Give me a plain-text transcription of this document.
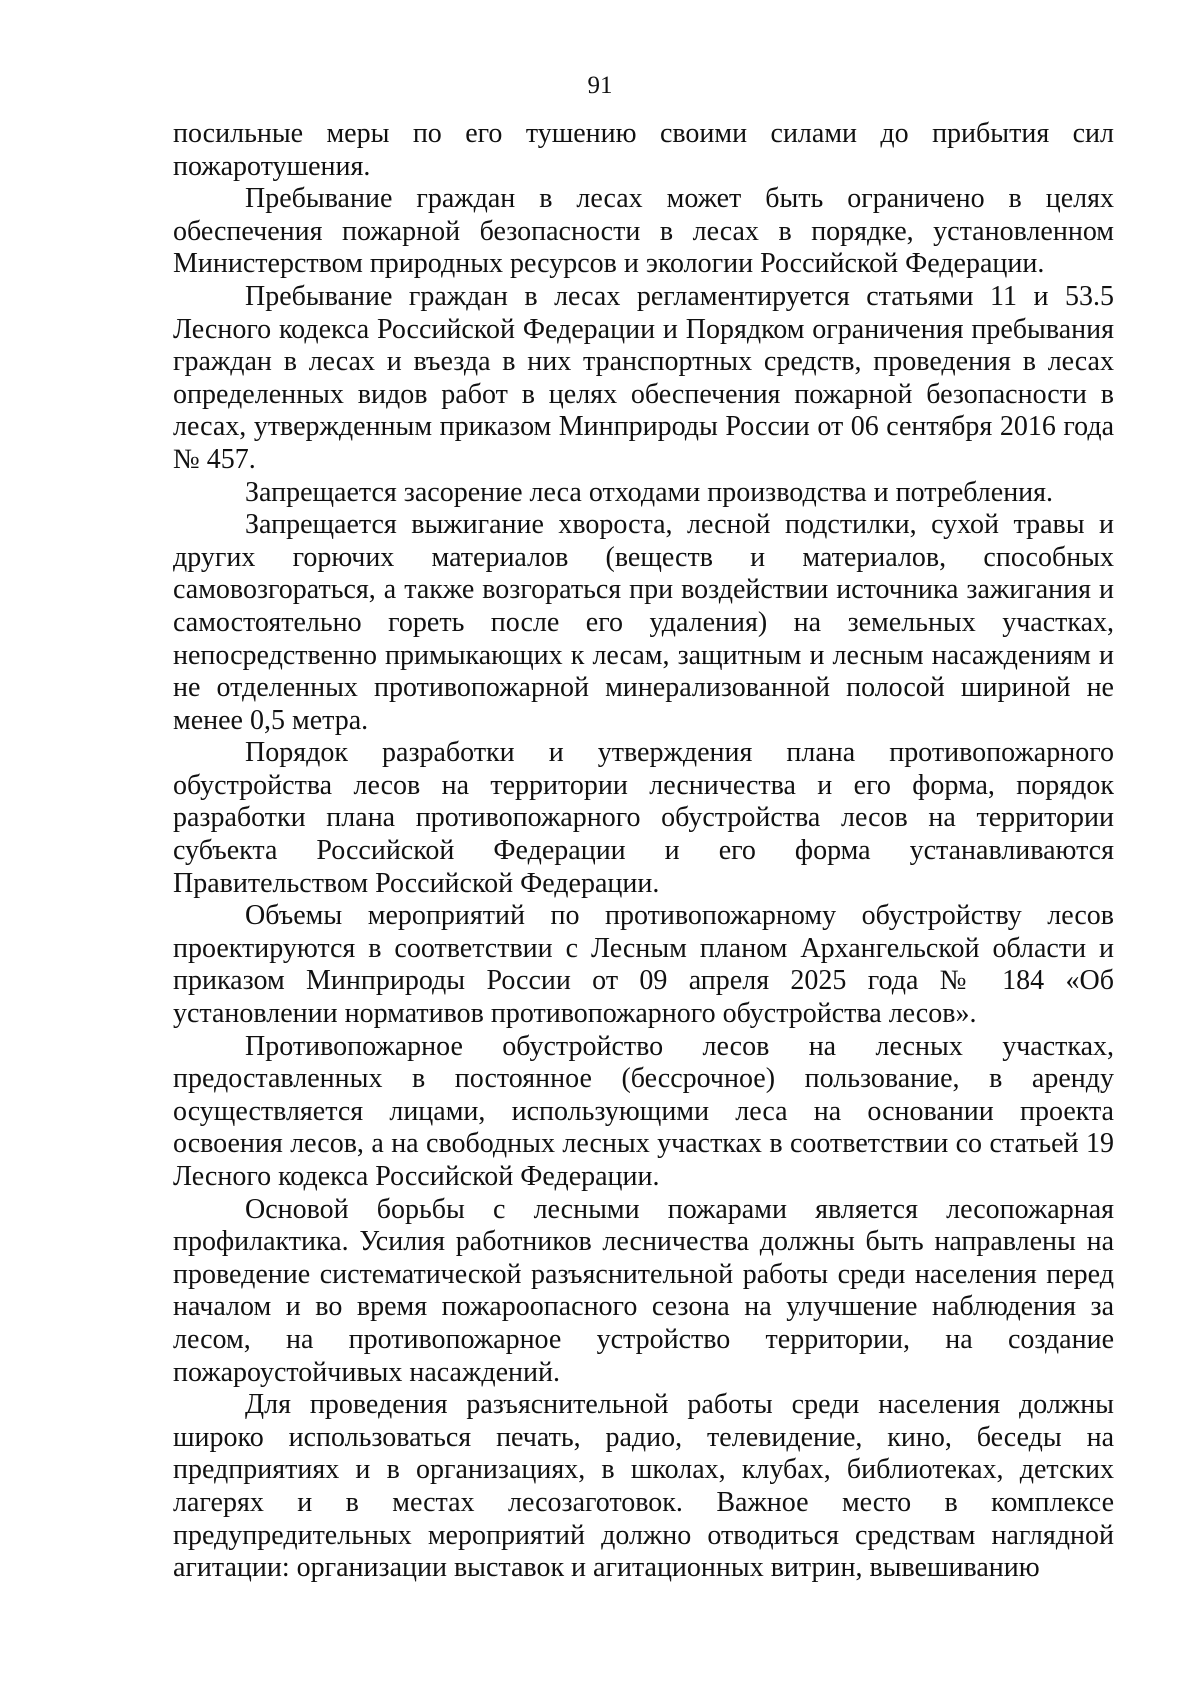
91

посильные меры по его тушению своими силами до прибытия сил пожаротушения.

Пребывание граждан в лесах может быть ограничено в целях обеспечения пожарной безопасности в лесах в порядке, установленном Министерством природных ресурсов и экологии Российской Федерации.

Пребывание граждан в лесах регламентируется статьями 11 и 53.5 Лесного кодекса Российской Федерации и Порядком ограничения пребывания граждан в лесах и въезда в них транспортных средств, проведения в лесах определенных видов работ в целях обеспечения пожарной безопасности в лесах, утвержденным приказом Минприроды России от 06 сентября 2016 года № 457.

Запрещается засорение леса отходами производства и потребления.

Запрещается выжигание хвороста, лесной подстилки, сухой травы и других горючих материалов (веществ и материалов, способных самовозгораться, а также возгораться при воздействии источника зажигания и самостоятельно гореть после его удаления) на земельных участках, непосредственно примыкающих к лесам, защитным и лесным насаждениям и не отделенных противопожарной минерализованной полосой шириной не менее 0,5 метра.

Порядок разработки и утверждения плана противопожарного обустройства лесов на территории лесничества и его форма, порядок разработки плана противопожарного обустройства лесов на территории субъекта Российской Федерации и его форма устанавливаются Правительством Российской Федерации.

Объемы мероприятий по противопожарному обустройству лесов проектируются в соответствии с Лесным планом Архангельской области и приказом Минприроды России от 09 апреля 2025 года № 184 «Об установлении нормативов противопожарного обустройства лесов».

Противопожарное обустройство лесов на лесных участках, предоставленных в постоянное (бессрочное) пользование, в аренду осуществляется лицами, использующими леса на основании проекта освоения лесов, а на свободных лесных участках в соответствии со статьей 19 Лесного кодекса Российской Федерации.

Основой борьбы с лесными пожарами является лесопожарная профилактика. Усилия работников лесничества должны быть направлены на проведение систематической разъяснительной работы среди населения перед началом и во время пожароопасного сезона на улучшение наблюдения за лесом, на противопожарное устройство территории, на создание пожароустойчивых насаждений.

Для проведения разъяснительной работы среди населения должны широко использоваться печать, радио, телевидение, кино, беседы на предприятиях и в организациях, в школах, клубах, библиотеках, детских лагерях и в местах лесозаготовок. Важное место в комплексе предупредительных мероприятий должно отводиться средствам наглядной агитации: организации выставок и агитационных витрин, вывешиванию
